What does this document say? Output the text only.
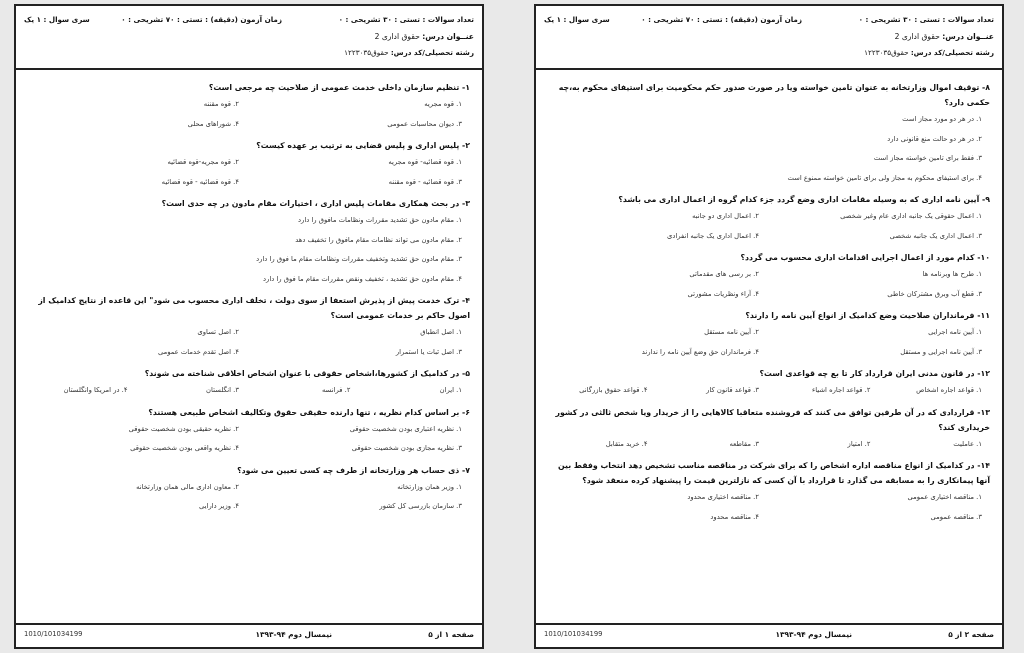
تعداد سوالات : تستی : ۳۰ تشریحی : ۰
زمان آزمون (دقیقه) : تستی : ۷۰ تشریحی : ۰
سری سوال : ۱ یک
عنــوان درس: حقوق اداری 2
رشته تحصیلی/کد درس: حقوق۱۲۲۳۰۳۵
۱- تنظیم سازمان داخلی خدمت عمومی از صلاحیت چه مرجعی است؟
۱. قوه مجریه
۲. قوه مقننه
۳. دیوان محاسبات عمومی
۴. شوراهای محلی
۲- پلیس اداری و پلیس قضایی به ترتیب بر عهده کیست؟
۱. قوه قضائیه- قوه مجریه
۲. قوه مجریه-قوه قضائیه
۳. قوه قضائیه - قوه مقننه
۴. قوه قضائیه - قوه قضائیه
۳- در بحث همکاری مقامات پلیس اداری ، اختیارات مقام مادون در چه حدی است؟
۱. مقام مادون حق تشدید مقررات ونظامات مافوق را دارد
۲. مقام مادون می تواند نظامات مقام مافوق را تخفیف دهد
۳. مقام مادون حق تشدید وتخفیف مقررات ونظامات مقام ما فوق را دارد
۴. مقام مادون حق تشدید ، تخفیف ونقض مقررات مقام ما فوق را دارد
۴- ترک خدمت پیش از پذیرش استعفا از سوی دولت ، تخلف اداری محسوب می شود" این قاعده از نتایج کدامیک از اصول حاکم بر خدمات عمومی است؟
۱. اصل انطباق
۲. اصل تساوی
۳. اصل ثبات یا استمرار
۴. اصل تقدم خدمات عمومی
۵- در کدامیک از کشورها،اشخاص حقوقی با عنوان اشخاص اخلاقی شناخته می شوند؟
۱. ایران
۲. فرانسه
۳. انگلستان
۴. در امریکا وانگلستان
۶- بر اساس کدام نظریه ، تنها دارنده حقیقی حقوق وتکالیف اشخاص طبیعی هستند؟
۱. نظریه اعتباری بودن شخصیت حقوقی
۲. نظریه حقیقی بودن شخصیت حقوقی
۳. نظریه مجازی بودن شخصیت حقوقی
۴. نظریه واقعی بودن شخصیت حقوقی
۷- ذی حساب هر وزارتخانه از طرف چه کسی تعیین می شود؟
۱. وزیر همان وزارتخانه
۲. معاون اداری مالی همان وزارتخانه
۳. سازمان بازرسی کل کشور
۴. وزیر دارایی
صفحه ۱ از ۵
نیمسال دوم ۹۴-۱۳۹۳
1010/101034199
تعداد سوالات : تستی : ۳۰ تشریحی : ۰
زمان آزمون (دقیقه) : تستی : ۷۰ تشریحی : ۰
سری سوال : ۱ یک
عنــوان درس: حقوق اداری 2
رشته تحصیلی/کد درس: حقوق۱۲۲۳۰۳۵
۸- توقیف اموال وزارتخانه به عنوان تامین خواسته ویا در صورت صدور حکم محکومیت برای استیفای محکوم به،چه حکمی دارد؟
۱. در هر دو مورد مجاز است
۲. در هر دو حالت منع قانونی دارد
۳. فقط برای تامین خواسته مجاز است
۴. برای استیفای محکوم به مجاز ولی برای تامین خواسته ممنوع است
۹- آیین نامه اداری که به وسیله مقامات اداری وضع گردد جزء کدام گروه از اعمال اداری می باشد؟
۱. اعمال حقوقی یک جانبه اداری عام وغیر شخصی
۲. اعمال اداری دو جانبه
۳. اعمال اداری یک جانبه شخصی
۴. اعمال اداری یک جانبه انفرادی
۱۰- کدام مورد از اعمال اجرایی اقدامات اداری محسوب می گردد؟
۱. طرح ها وبرنامه ها
۲. بر رسی های مقدماتی
۳. قطع آب وبرق مشترکان خاطی
۴. آراء ونظریات مشورتی
۱۱- فرمانداران صلاحیت وضع کدامیک از انواع آیین نامه را دارند؟
۱. آیین نامه اجرایی
۲. آیین نامه مستقل
۳. آیین نامه اجرایی و مستقل
۴. فرمانداران حق وضع آیین نامه را ندارند
۱۲- در قانون مدنی ایران قرارداد کار تا بع چه قواعدی است؟
۱. قواعد اجاره اشخاص
۲. قواعد اجاره اشیاء
۳. قواعد قانون کار
۴. قواعد حقوق بازرگانی
۱۳- قراردادی که در آن طرفین توافق می کنند که فروشنده متعاقبا کالاهایی را از خریدار ویا شخص ثالثی در کشور خریداری کند؟
۱. عاملیت
۲. امتیاز
۳. مقاطعه
۴. خرید متقابل
۱۴- در کدامیک از انواع مناقصه اداره اشخاص را که برای شرکت در مناقصه مناسب تشخیص دهد انتخاب وفقط بین آنها پیمانکاری را به مسابقه می گذارد تا قرارداد با آن کسی که نازلترین قیمت را پیشنهاد کرده منعقد شود؟
۱. مناقصه اختیاری عمومی
۲. مناقصه اختیاری محدود
۳. مناقصه عمومی
۴. مناقصه محدود
صفحه ۲ از ۵
نیمسال دوم ۹۴-۱۳۹۳
1010/101034199
